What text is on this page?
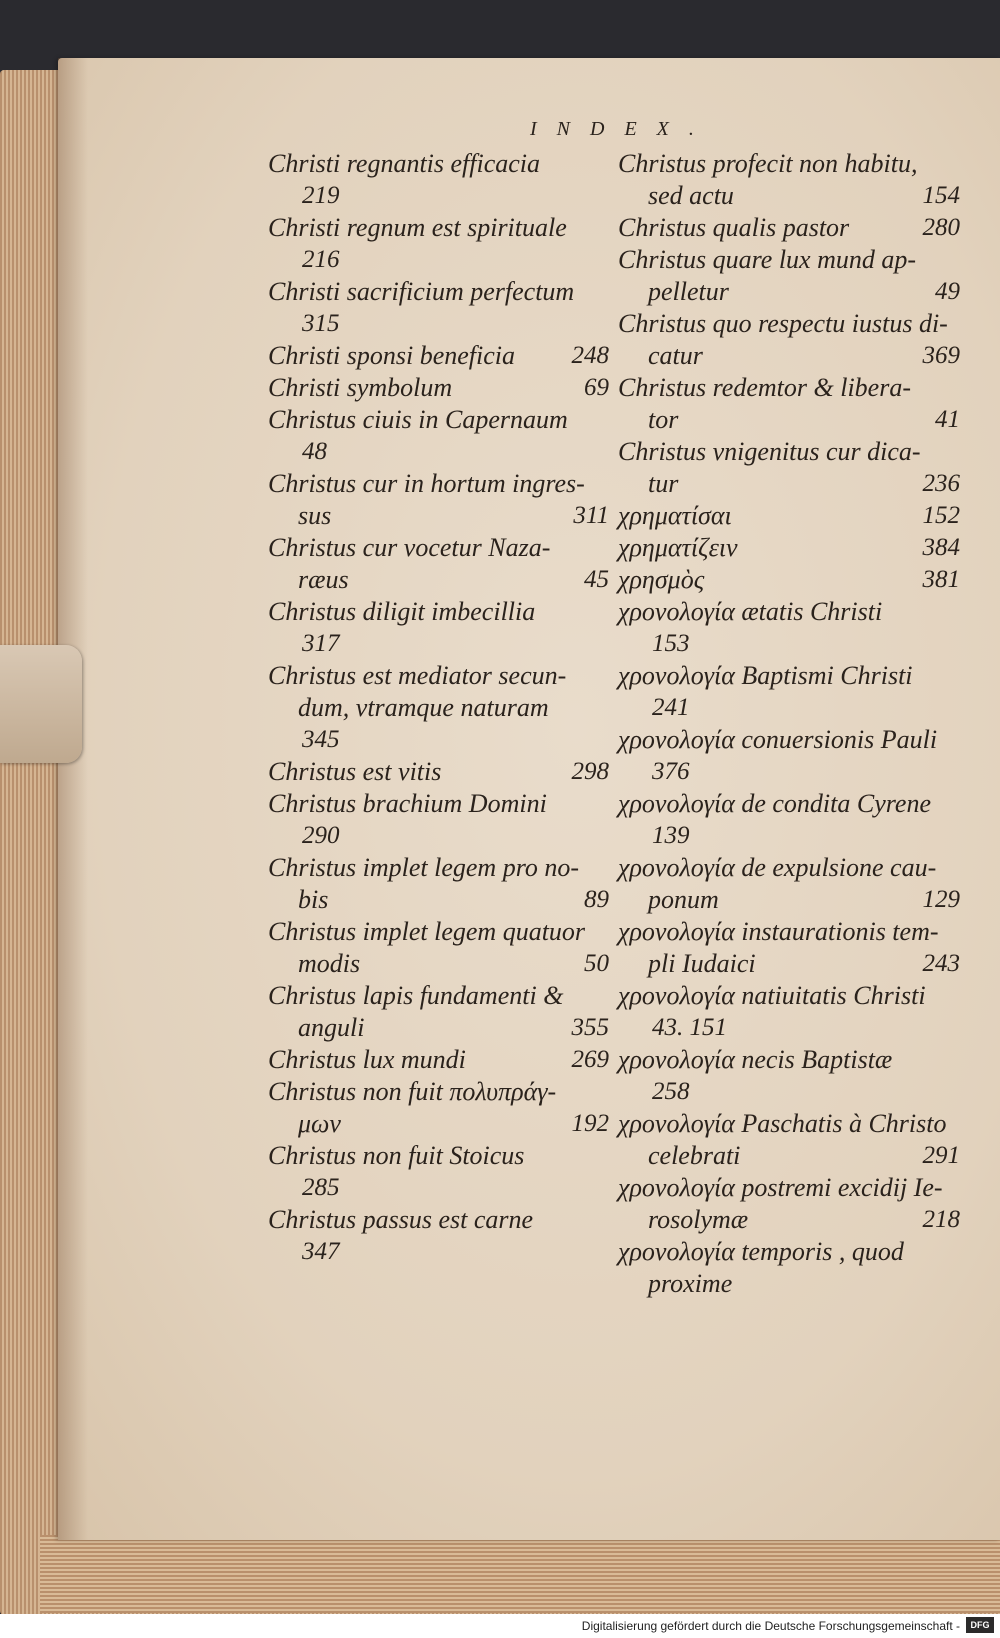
INDEX.
Christi regnantis efficacia
219
Christi regnum est spirituale
216
Christi sacrificium perfectum
315
Christi sponsi beneficia 248
Christi symbolum	69
Christus ciuis in Capernaum
48
Christus cur in hortum ingres-
sus	311
Christus cur vocetur Naza-
ræus	45
Christus diligit imbecillia
317
Christus est mediator secun-
dum, vtramque naturam
345
Christus est vitis	298
Christus brachium Domini
290
Christus implet legem pro no-
bis	89
Christus implet legem quatuor
modis	50
Christus lapis fundamenti &
anguli	355
Christus lux mundi	269
Christus non fuit πολυπράγ-
μων	192
Christus non fuit Stoicus
285
Christus passus est carne
347
Christus profecit non habitu,
sed actu	154
Christus qualis pastor	280
Christus quare lux mund ap-
pelletur	49
Christus quo respectu iustus di-
catur	369
Christus redemtor & libera-
tor	41
Christus vnigenitus cur dica-
tur	236
χρηματίσαι	152
χρηματίζειν	384
χρησμὸς	381
χρονολογία ætatis Christi
153
χρονολογία Baptismi Christi
241
χρονολογία conuersionis Pauli
376
χρονολογία de condita Cyrene
139
χρονολογία de expulsione cau-
ponum	129
χρονολογία instaurationis tem-
pli Iudaici	243
χρονολογία natiuitatis Christi
43. 151
χρονολογία necis Baptistæ
258
χρονολογία Paschatis à Christo
celebrati	291
χρονολογία postremi excidij Ie-
rosolymæ	218
χρονολογία temporis , quod
proxime
Digitalisierung gefördert durch die Deutsche Forschungsgemeinschaft -	DFG
